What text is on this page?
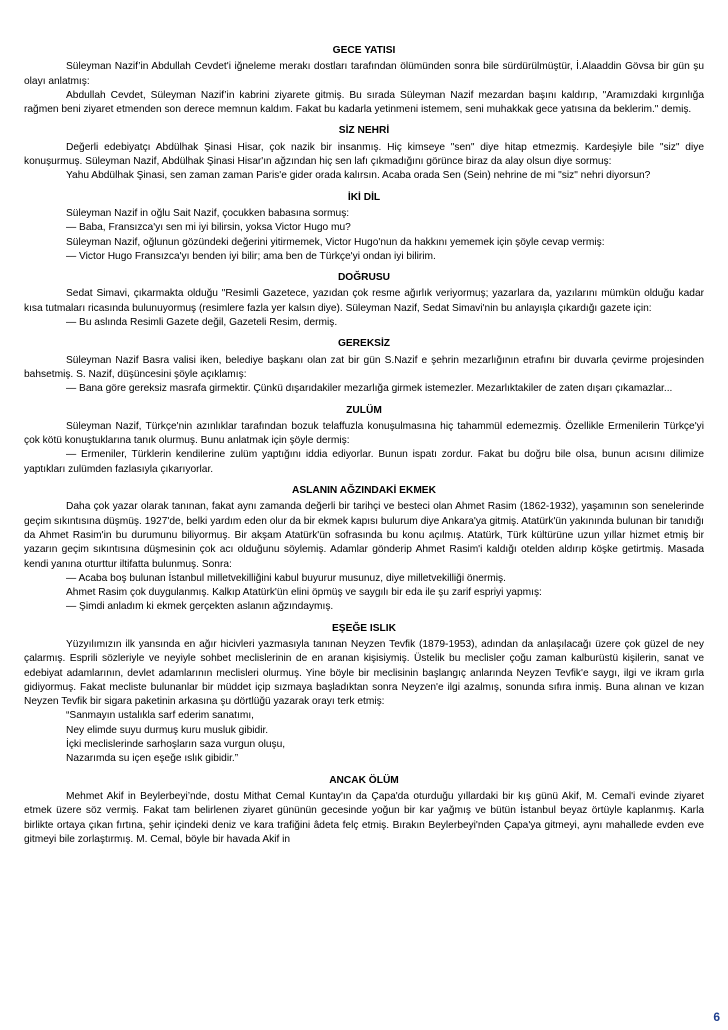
GECE YATISI
Süleyman Nazif’in Abdullah Cevdet'i iğneleme merakı dostları tarafından ölümünden sonra bile sürdürülmüştür, İ.Alaaddin Gövsa bir gün şu olayı anlatmış:
Abdullah Cevdet, Süleyman Nazif’in kabrini ziyarete gitmiş. Bu sırada Süleyman Nazif mezardan başını kaldırıp, "Aramızdaki kırgınlığa rağmen beni ziyaret etmenden son derece memnun kaldım. Fakat bu kadarla yetinmeni istemem, seni muhakkak gece yatısına da beklerim." demiş.
SİZ NEHRİ
Değerli edebiyatçı Abdülhak Şinasi Hisar, çok nazik bir insanmış. Hiç kimseye "sen" diye hitap etmezmiş. Kardeşiyle bile "siz" diye konuşurmuş. Süleyman Nazif, Abdülhak Şinasi Hisar'ın ağzından hiç sen lafı çıkmadığını görünce biraz da alay olsun diye sormuş:
Yahu Abdülhak Şinasi, sen zaman zaman Paris'e gider orada kalırsın. Acaba orada Sen (Sein) nehrine de mi "siz" nehri diyorsun?
İKİ DİL
Süleyman Nazif in oğlu Sait Nazif, çocukken babasına sormuş:
— Baba, Fransızca'yı sen mi iyi bilirsin, yoksa Victor Hugo mu?
Süleyman Nazif, oğlunun gözündeki değerini yitirmemek, Victor Hugo'nun da hakkını yememek için şöyle cevap vermiş:
— Victor Hugo Fransızca'yı benden iyi bilir; ama ben de Türkçe'yi ondan iyi bilirim.
DOĞRUSU
Sedat Simavi, çıkarmakta olduğu "Resimli Gazetece, yazıdan çok resme ağırlık veriyormuş; yazarlara da, yazılarını mümkün olduğu kadar kısa tutmaları ricasında bulunuyormuş (resimlere fazla yer kalsın diye). Süleyman Nazif, Sedat Simavi'nin bu anlayışla çıkardığı gazete için:
— Bu aslında Resimli Gazete değil, Gazeteli Resim, dermiş.
GEREKSİZ
Süleyman Nazif Basra valisi iken, belediye başkanı olan zat bir gün S.Nazif e şehrin mezarlığının etrafını bir duvarla çevirme projesinden bahsetmiş. S. Nazif, düşüncesini şöyle açıklamış:
— Bana göre gereksiz masrafa girmektir. Çünkü dışarıdakiler mezarlığa girmek istemezler. Mezarlıktakiler de zaten dışarı çıkamazlar...
ZULÜM
Süleyman Nazif, Türkçe'nin azınlıklar tarafından bozuk telaffuzla konuşulmasına hiç tahammül edemezmiş. Özellikle Ermenilerin Türkçe'yi çok kötü konuştuklarına tanık olurmuş. Bunu anlatmak için şöyle dermiş:
— Ermeniler, Türklerin kendilerine zulüm yaptığını iddia ediyorlar. Bunun ispatı zordur. Fakat bu doğru bile olsa, bunun acısını dilimize yaptıkları zulümden fazlasıyla çıkarıyorlar.
ASLANIN AĞZINDAKİ EKMEK
Daha çok yazar olarak tanınan, fakat aynı zamanda değerli bir tarihçi ve besteci olan Ahmet Rasim (1862-1932), yaşamının son senelerinde geçim sıkıntısına düşmüş. 1927'de, belki yardım eden olur da bir ekmek kapısı bulurum diye Ankara'ya gitmiş. Atatürk'ün yakınında bulunan bir tanıdığı da Ahmet Rasim'in bu durumunu biliyormuş. Bir akşam Atatürk'ün sofrasında bu konu açılmış. Atatürk, Türk kültürüne uzun yıllar hizmet etmiş bir yazarın geçim sıkıntısına düşmesinin çok acı olduğunu söylemiş. Adamlar gönderip Ahmet Rasim'i kaldığı otelden aldırıp köşke getirtmiş. Masada kendi yanına oturttur iltifatta bulunmuş. Sonra:
— Acaba boş bulunan İstanbul milletvekilliğini kabul buyurur musunuz, diye milletvekilliği önermiş.
Ahmet Rasim çok duygulanmış. Kalkıp Atatürk'ün elini öpmüş ve saygılı bir eda ile şu zarif espriyi yapmış:
— Şimdi anladım ki ekmek gerçekten aslanın ağzındaymış.
EŞEĞE ISLIK
Yüzyılımızın ilk yansında en ağır hicivleri yazmasıyla tanınan Neyzen Tevfik (1879-1953), adından da anlaşılacağı üzere çok güzel de ney çalarmış. Esprili sözleriyle ve neyiyle sohbet meclislerinin de en aranan kişisiymiş. Üstelik bu meclisler çoğu zaman kalburüstü kişilerin, sanat ve edebiyat adamlarının, devlet adamlarının meclisleri olurmuş. Yine böyle bir meclisinin başlangıç anlarında Neyzen Tevfik'e saygı, ilgi ve ikram gırla gidiyormuş. Fakat mecliste bulunanlar bir müddet içip sızmaya başladıktan sonra Neyzen'e ilgi azalmış, sonunda sıfıra inmiş. Buna alınan ve kızan Neyzen Tevfik bir sigara paketinin arkasına şu dörtlüğü yazarak orayı terk etmiş:
“Sanmayın ustalıkla sarf ederim sanatımı,
Ney elimde suyu durmuş kuru musluk gibidir.
İçki meclislerinde sarhoşların saza vurgun oluşu,
Nazarımda su içen eşeğe ıslık gibidir.”
ANCAK ÖLÜM
Mehmet Akif in Beylerbeyi’nde, dostu Mithat Cemal Kuntay'ın da Çapa'da oturduğu yıllardaki bir kış günü Akif, M. Cemal'i evinde ziyaret etmek üzere söz vermiş. Fakat tam belirlenen ziyaret gününün gecesinde yoğun bir kar yağmış ve bütün İstanbul beyaz örtüyle kaplanmış. Karla birlikte ortaya çıkan fırtına, şehir içindeki deniz ve kara trafiğini âdeta felç etmiş. Bırakın Beylerbeyi'nden Çapa'ya gitmeyi, aynı mahallede evden eve gitmeyi bile zorlaştırmış. M. Cemal, böyle bir havada Akif in
6
